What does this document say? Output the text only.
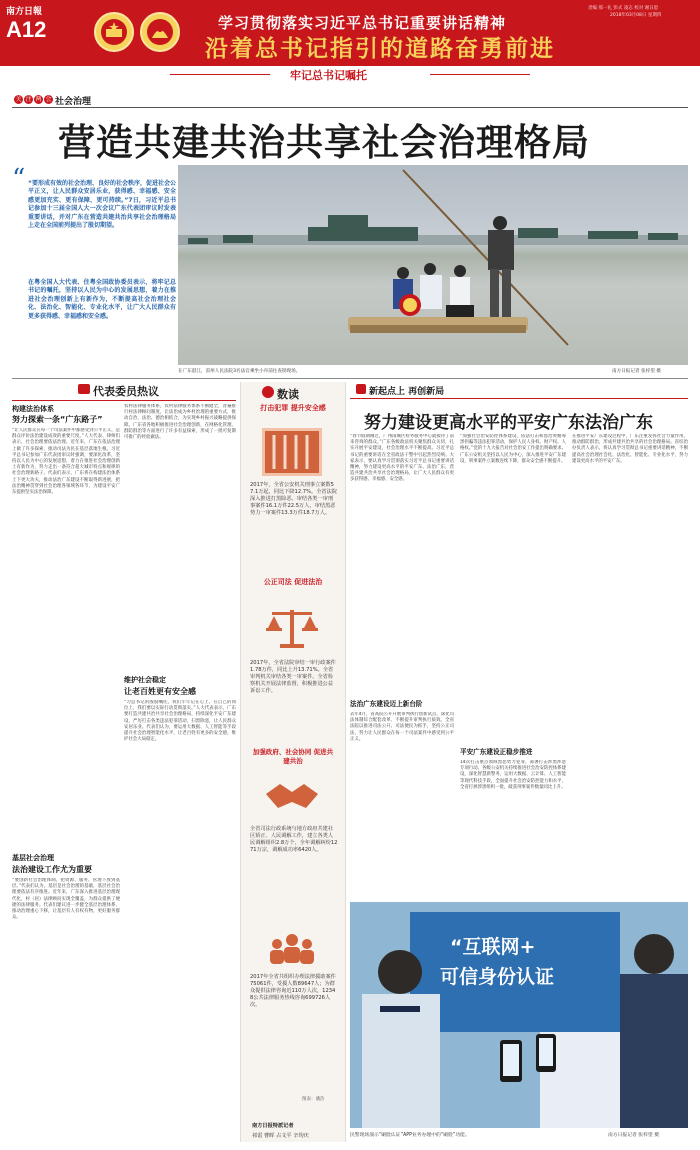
南方日報
A12	学习贯彻落实习近平总书记重要讲话精神
沿着总书记指引的道路奋勇前进
责编 那一礼 彭式 凌志 校对 谢日恩
2018年03月08日 星期四
牢记总书记嘱托
关 注 两 会 社会治理
营造共建共治共享社会治理格局
“ “要形成有效的社会治理、良好的社会秩序，促进社会公平正义，让人民群众安居乐业，获得感、幸福感、安全感更加充实、更有保障、更可持续。”7日，习近平总书记参加十三届全国人大一次会议广东代表团审议时发表重要讲话，并对广东在营造共建共治共享社会治理格局上走在全国前列提出了殷切期望。

在粤全国人大代表、住粤全国政协委员表示，将牢记总书记的嘱托，坚持以人民为中心的发展思想，着力在推进社会治理创新上有新作为，不断提高社会治理社会化、法治化、智能化、专业化水平，让广大人民群众有更多获得感、幸福感和安全感。

在广东湛江，雷州人民法院3名法官乘坐小舟前往查勘现场。	南方日报记者 张梓望 摄
代表委员热议
构建法治体系
努力探索一条“广东路子”

“让人民群众在每一个司法案件中都感受到公平正义，是群众评价法治建设成效的重要尺度。”人大代表、律师们表示，社会治理要依法治理。近年来，广东在依法治理上做了许多探索，推动司法为民在基层落地生根。习近平总书记参加广东代表团审议时强调，要深化改革，坚持以人民为中心的发展思想，着力在推进社会治理创新上有新作为，努力走出一条符合超大城市特点和规律的社会治理新路子。代表们表示，广东将在构建法治体系上下更大功夫，推动法治广东建设不断取得新进展，把法治精神贯穿到社会治理各领域各环节，为建设平安广东提供坚实法治保障。

基层社会治理
法治建设工作尤为重要

“要创新社会治理体制，把资源、服务、管理下放到基层。”代表们认为，基层是社会治理的基础，基层社会治理要依法有序推进。近年来，广东深入推进基层治理现代化，村（居）法律顾问实现全覆盖，为群众提供了便捷的法律服务。代表们建议进一步健全基层治理体系，推动治理重心下移，让基层有人有权有物，更好服务群众。

农村法律服务体系，农村法律服务体系不断健全，普遍推行村法律顾问制度，让法治成为乡村治理的重要方式，推动自治、法治、德治相结合，为实现乡村振兴战略提供保障。广东省各地积极推进社会治理创新，在网格化管理、群防群治等方面进行了许多有益探索，形成了一批可复制可推广的经验做法。

维护社会稳定
让老百姓更有安全感

“习总书记的殷殷嘱托，我们牢牢记在心上。在自己的岗位上，我们要以实际行动贯彻落实。”人大代表表示，广东要打造共建共治共享社会治理格局，持续深化平安广东建设，严厉打击各类违法犯罪活动，扫黑除恶，让人民群众安居乐业。代表们认为，要运用大数据、人工智能等手段提升社会治理智能化水平，让老百姓有更多的安全感，维护社会大局稳定。

数读
打击犯罪 提升安全感

2017年，全省公安机关刑事立案数57.1万起，同比下降12.7%。全省法院深入推进打黑除恶、审结各类一审刑事案件16.1万件22.5万人，审结黑恶势力一审案件13.3万件18.7万人。

公正司法 促进法治

2017年，全省法院审结一审行政案件1.78万件，同比上升13.71%。全省审判机关审结各类一审案件。全省检察机关开展法律监督，积极推进公益诉讼工作。

加强政府、社会协同 促进共建共治

全省司法行政系统与地方政府共建社区矫正、人民调解工作，建立各类人民调解组织2.8万个，全年调解纠纷1271万宗，调解成功率6420人。

2017年全省共组织办理法律援助案件75061件，受援人数89647人；为群众提供法律咨询近110万人次，12348公共法律服务热线咨询699726人次。

图表：潘浩
新起点上 再创新局
努力建设更高水平的平安广东法治广东

“春节假期刚过，广州雨城区检务服务中心就接待了前来咨询的群众。”广东各级政法机关聚焦群众关切，扎实开展平安建设，社会治理水平不断提高。习近平总书记的重要讲话在全省政法干警中引起热烈反响。大家表示，要认真学习贯彻落实习近平总书记重要讲话精神，努力建设更高水平的平安广东、法治广东，营造共建共治共享社会治理格局，让广大人民群众有更多获得感、幸福感、安全感。

法治广东建设迈上新台阶

去年4月，省高院公开开展审判执行创新试点，深化司法体制综合配套改革，不断提升审判执行质效。全省法院以推进司法公开、司法便民为抓手，坚持公正司法，努力让人民群众在每一个司法案件中感受到公平正义。

“加强社会治安防控体系建设，依法打击和惩治黄赌毒黑拐骗等违法犯罪活动，保护人民人身权、财产权、人格权。”党的十九大报告对社会治安工作提出明确要求。广东公安机关坚持以人民为中心，深入推进平安广东建设，刑事案件立案数连续下降，群众安全感不断提升。

平安广东建设正稳步推进

14次打击重点领域黑恶势力犯罪，部署打击涉黑涉恶专项行动。各级公安机关持续推进社会治安防控体系建设，深化智慧新警务，运用大数据、云计算、人工智能等现代科技手段，全面提升社会治安防控能力和水平，全省打掉涉黑组织一批，破获刑事案件数量同比上升。

在推进平安广东建设过程中，广东注重发挥社会力量作用，推动群防群治，形成共建共治共享的社会治理格局。省综治办负责人表示，将认真学习贯彻总书记重要讲话精神，不断提高社会治理社会化、法治化、智能化、专业化水平，努力建设更高水平的平安广东。

“互联网+
可信身份认证
民警现场演示“刷脸认证”APP业务办理中的“刷脸”功能。	南方日报记者 张梓望 摄
南方日报特派记者
祁雷 曹晖 占文平 辛均庆
